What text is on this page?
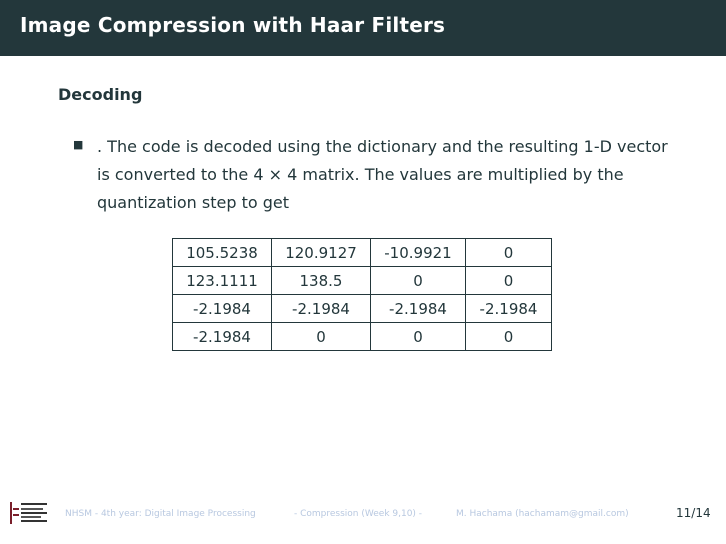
Image Compression with Haar Filters
Decoding
■ . The code is decoded using the dictionary and the resulting 1-D vector is converted to the 4 × 4 matrix. The values are multiplied by the quantization step to get
105.5238	120.9127	-10.9921	0
123.1111	138.5	0	0
-2.1984	-2.1984	-2.1984	-2.1984
-2.1984	0	0	0
NHSM - 4th year: Digital Image Processing	- Compression (Week 9,10) -	M. Hachama (hachamam@gmail.com)	11/14
